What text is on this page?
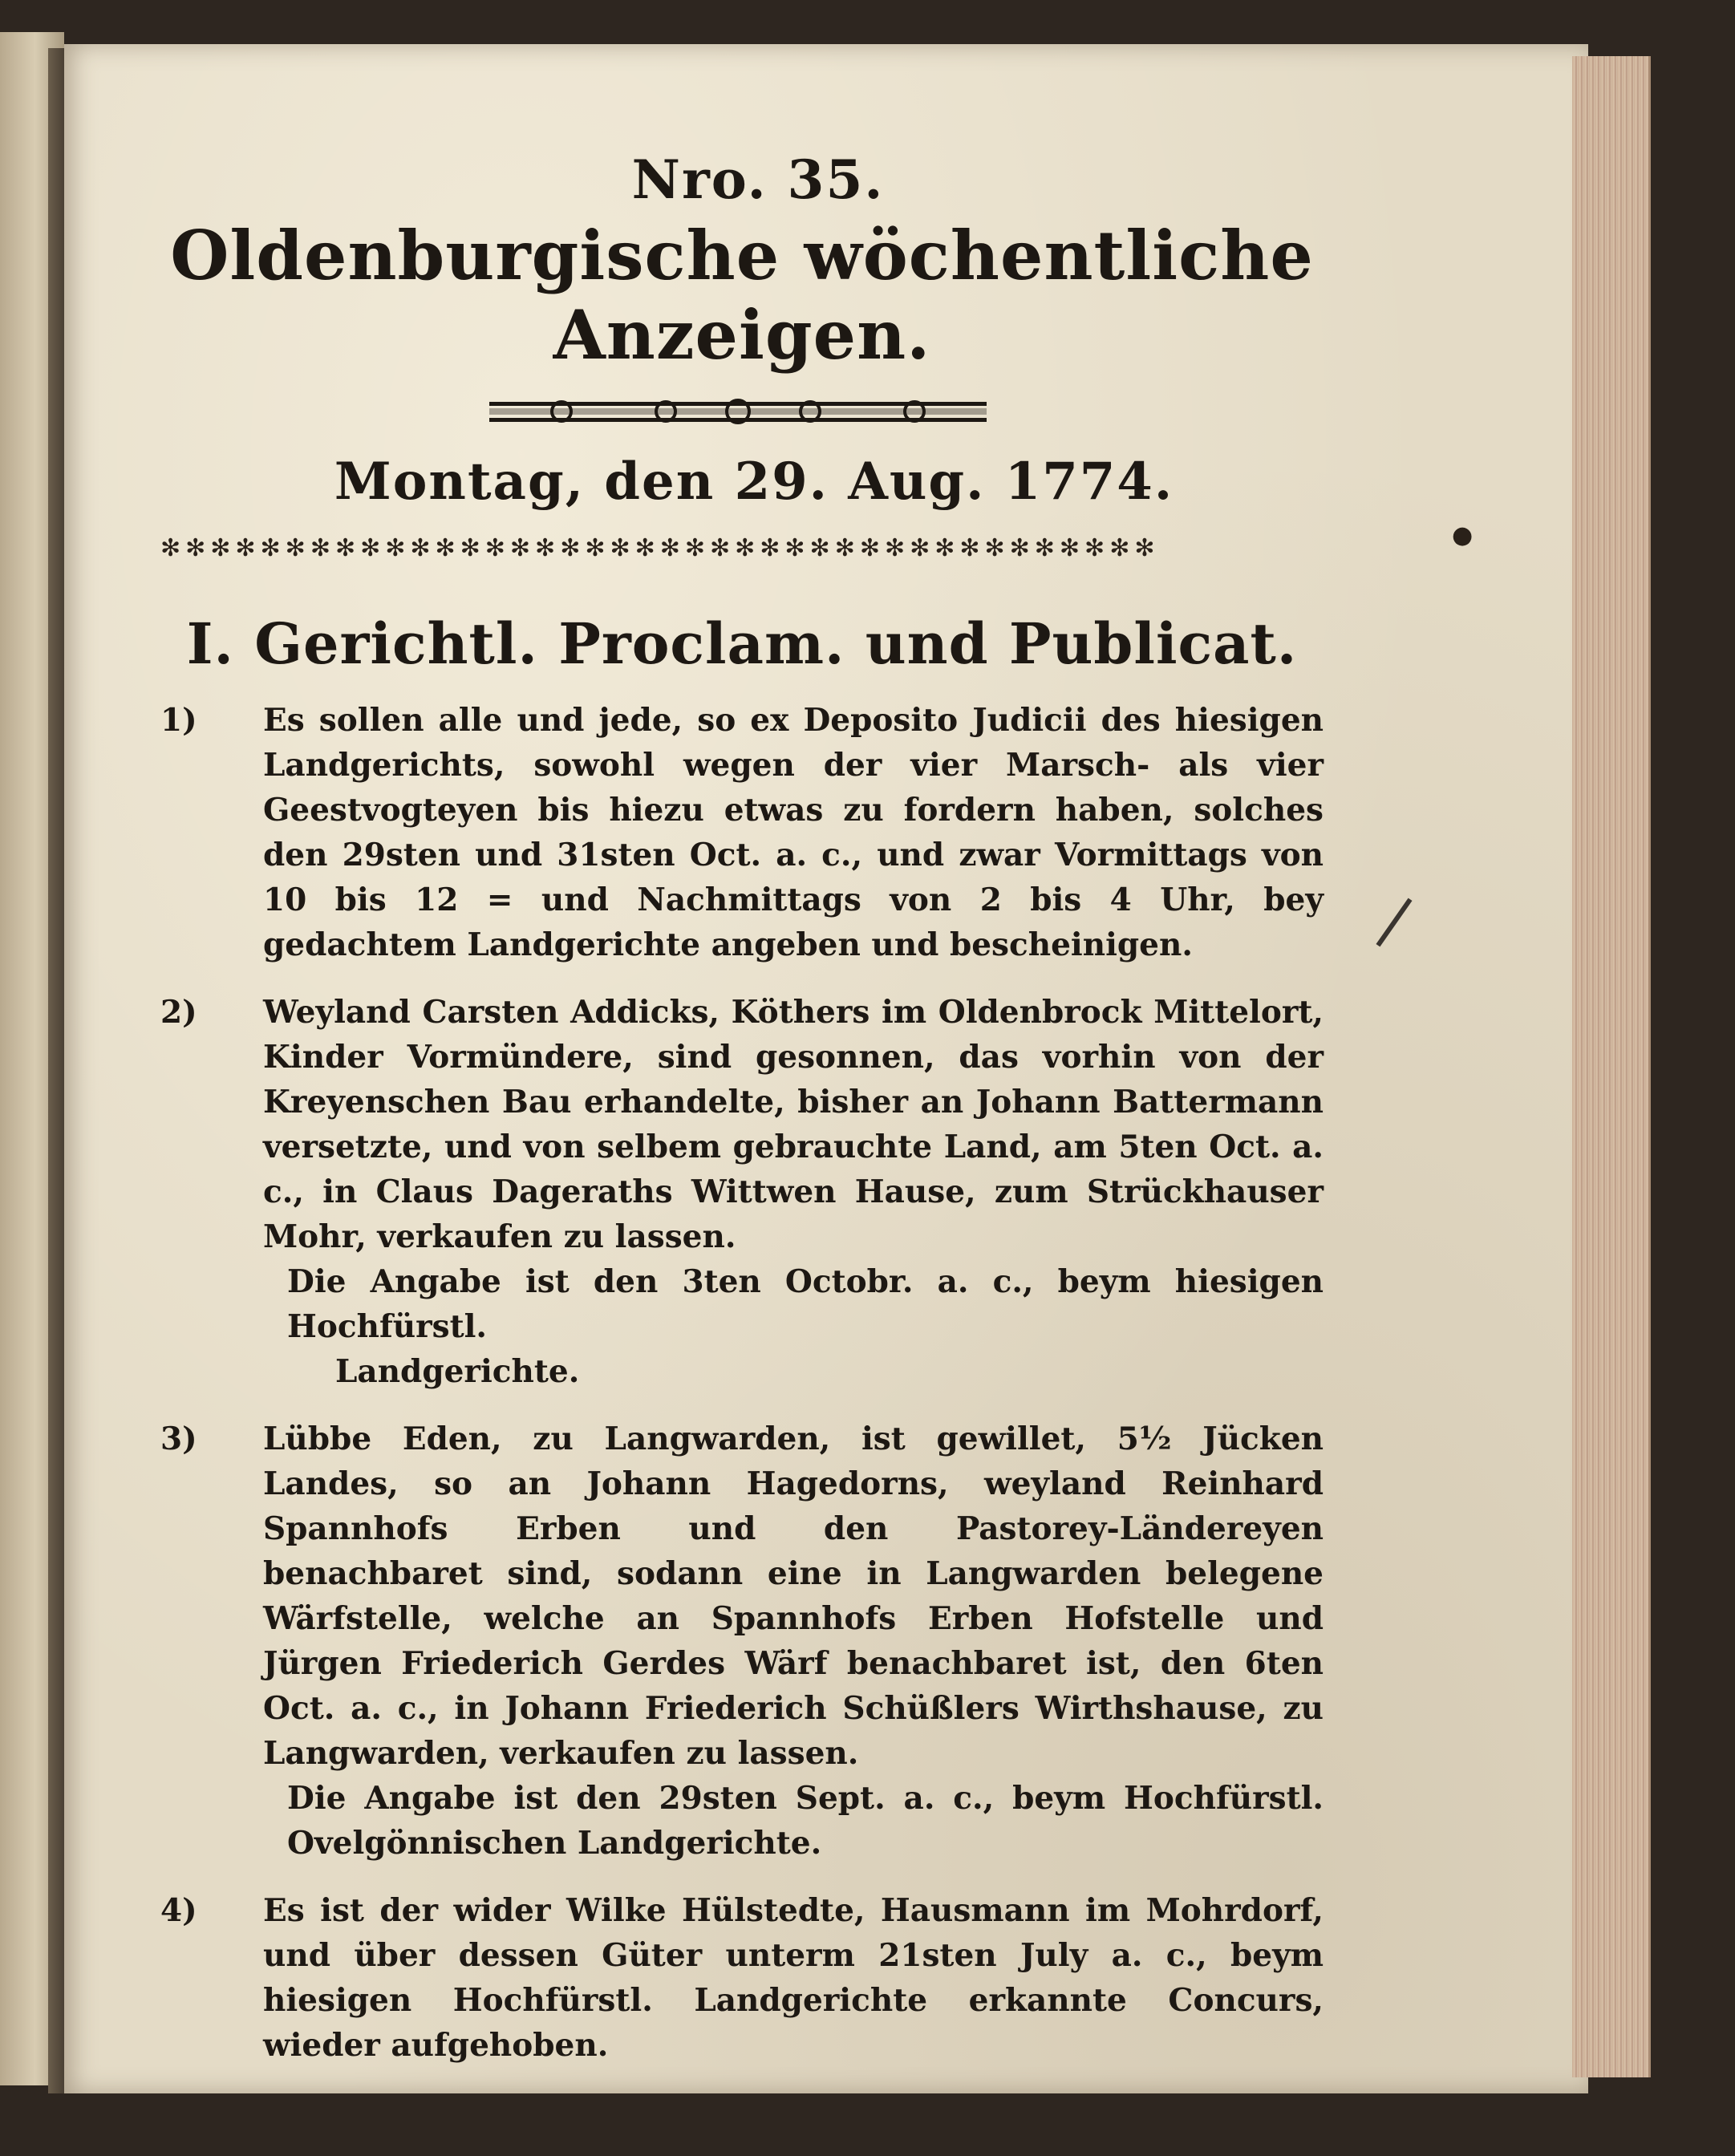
●
Nro. 35.
Oldenburgische wöchentliche Anzeigen.
Montag, den 29. Aug. 1774.
✻✻✻✻✻✻✻✻✻✻✻✻✻✻✻✻✻✻✻✻✻✻✻✻✻✻✻✻✻✻✻✻✻✻✻✻✻✻✻✻
I. Gerichtl. Proclam. und Publicat.
1) Es sollen alle und jede, so ex Deposito Judicii des hiesigen Landgerichts, sowohl wegen der vier Marsch- als vier Geestvogteyen bis hiezu etwas zu fordern haben, solches den 29sten und 31sten Oct. a. c., und zwar Vormittags von 10 bis 12 = und Nachmittags von 2 bis 4 Uhr, bey gedachtem Landgerichte angeben und bescheinigen.
2) Weyland Carsten Addicks, Köthers im Oldenbrock Mittelort, Kinder Vormündere, sind gesonnen, das vorhin von der Kreyenschen Bau erhandelte, bisher an Johann Battermann versetzte, und von selbem gebrauchte Land, am 5ten Oct. a. c., in Claus Dageraths Wittwen Hause, zum Strückhauser Mohr, verkaufen zu lassen.
Die Angabe ist den 3ten Octobr. a. c., beym hiesigen Hochfürstl.
Landgerichte.
3) Lübbe Eden, zu Langwarden, ist gewillet, 5½ Jücken Landes, so an Johann Hagedorns, weyland Reinhard Spannhofs Erben und den Pastorey-Ländereyen benachbaret sind, sodann eine in Langwarden belegene Wärfstelle, welche an Spannhofs Erben Hofstelle und Jürgen Friederich Gerdes Wärf benachbaret ist, den 6ten Oct. a. c., in Johann Friederich Schüßlers Wirthshause, zu Langwarden, verkaufen zu lassen.
Die Angabe ist den 29sten Sept. a. c., beym Hochfürstl. Ovelgönnischen Landgerichte.
4) Es ist der wider Wilke Hülstedte, Hausmann im Mohrdorf, und über dessen Güter unterm 21sten July a. c., beym hiesigen Hochfürstl. Landgerichte erkannte Concurs, wieder aufgehoben.
